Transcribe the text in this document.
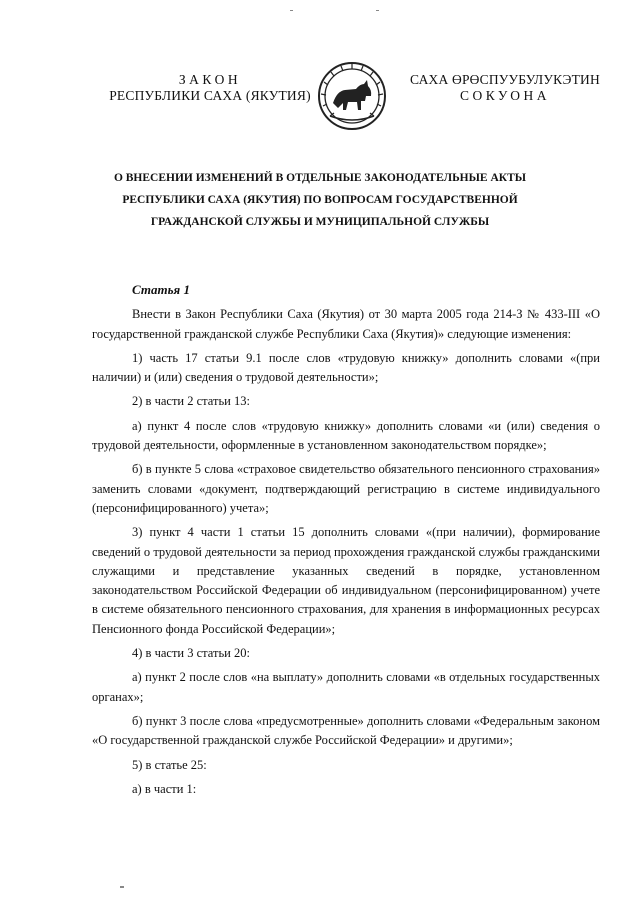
ЗАКОН
РЕСПУБЛИКИ САХА (ЯКУТИЯ)
САХА ӨРӨСПУУБУЛУКЭТИН
СОКУОНА
О ВНЕСЕНИИ ИЗМЕНЕНИЙ В ОТДЕЛЬНЫЕ ЗАКОНОДАТЕЛЬНЫЕ АКТЫ
РЕСПУБЛИКИ САХА (ЯКУТИЯ) ПО ВОПРОСАМ ГОСУДАРСТВЕННОЙ
ГРАЖДАНСКОЙ СЛУЖБЫ И МУНИЦИПАЛЬНОЙ СЛУЖБЫ
Статья 1

Внести в Закон Республики Саха (Якутия) от 30 марта 2005 года 214-З № 433-III «О государственной гражданской службе Республики Саха (Якутия)» следующие изменения:

1) часть 17 статьи 9.1 после слов «трудовую книжку» дополнить словами «(при наличии) и (или) сведения о трудовой деятельности»;

2) в части 2 статьи 13:

а) пункт 4 после слов «трудовую книжку» дополнить словами «и (или) сведения о трудовой деятельности, оформленные в установленном законодательством порядке»;

б) в пункте 5 слова «страховое свидетельство обязательного пенсионного страхования» заменить словами «документ, подтверждающий регистрацию в системе индивидуального (персонифицированного) учета»;

3) пункт 4 части 1 статьи 15 дополнить словами «(при наличии), формирование сведений о трудовой деятельности за период прохождения гражданской службы гражданскими служащими и представление указанных сведений в порядке, установленном законодательством Российской Федерации об индивидуальном (персонифицированном) учете в системе обязательного пенсионного страхования, для хранения в информационных ресурсах Пенсионного фонда Российской Федерации»;

4) в части 3 статьи 20:

а) пункт 2 после слов «на выплату» дополнить словами «в отдельных государственных органах»;

б) пункт 3 после слова «предусмотренные» дополнить словами «Федеральным законом «О государственной гражданской службе Российской Федерации» и другими»;

5) в статье 25:

а) в части 1:
